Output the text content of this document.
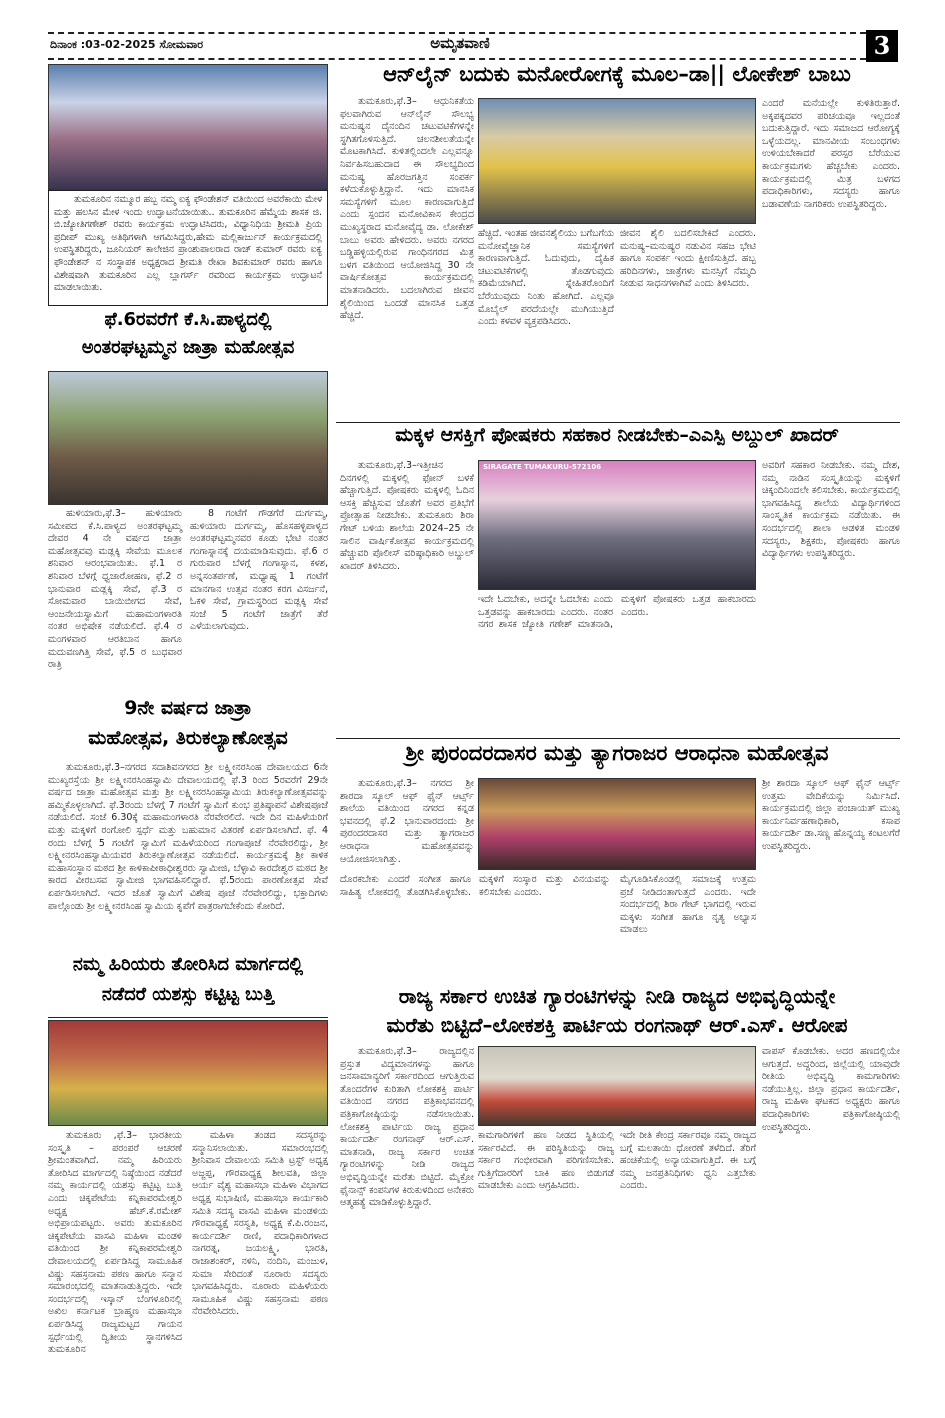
ದಿನಾಂಕ :03-02-2025 ಸೋಮವಾರ	ಅಮೃತವಾಣಿ	3
ತುಮಕೂರಿನ ನಮ್ಮೂರ ಹಬ್ಬ ನಮ್ಮ ಐಕ್ಯ ಫೌಂಡೇಶನ್ ವತಿಯಿಂದ ಅವರೆಕಾಯಿ ಮೇಳ ಮತ್ತು ಹಲಸಿನ ಮೇಳ ಇಂದು ಉದ್ಘಾಟನೆಯಾಯಿತು.. ತುಮಕೂರಿನ ಹೆಮ್ಮೆಯ ಶಾಸಕ ಜಿ. ಬಿ.ಜ್ಯೋತಿಗಣೇಶ್ ರವರು ಕಾರ್ಯಕ್ರಮ ಉದ್ಘಾಟಿಸಿದರು, ವಿಧ್ಯಾನಿಧಿಯ ಶ್ರೀಮತಿ ಪ್ರಿಯ ಪ್ರದೀಪ್ ಮುಖ್ಯ ಅತಿಥಿಗಳಾಗಿ ಆಗಮಿಸಿದ್ದರು,ಹೇಮ ಮಲ್ಲಿಕಾರ್ಜುನ್ ಕಾರ್ಯಕ್ರಮದಲ್ಲಿ ಉಪಸ್ಥಿತರಿದ್ದರು, ಜೂನಿಯರ್ ಕಾಲೇಜಿನ ಪ್ರಾಂಶುಪಾಲರಾದ ರಾಜ್ ಕುಮಾರ್ ರವರು ಐಕ್ಯ ಫೌಂಡೇಶನ್ ನ ಸಂಸ್ಥಾಪಕ ಅಧ್ಯಕ್ಷರಾದ ಶ್ರೀಮತಿ ರೇಖಾ ಶಿವಕುಮಾರ್ ರವರು ಹಾಗೂ ವಿಶೇಷವಾಗಿ ತುಮಕೂರಿನ ಎಲ್ಲ ಬ್ಲಾಗರ್ಸ್ ರವರಿಂದ ಕಾರ್ಯಕ್ರಮ ಉದ್ಘಾಟನೆ ಮಾಡಲಾಯಿತು.
ಫೆ.6ರವರೆಗೆ ಕೆ.ಸಿ.ಪಾಳ್ಯದಲ್ಲಿ
ಅಂತರಘಟ್ಟಮ್ಮನ ಜಾತ್ರಾ ಮಹೋತ್ಸವ
ಹುಳಿಯಾರು,ಫೆ.3– ಹುಳಿಯಾರು ಸಮೀಪದ ಕೆ.ಸಿ.ಪಾಳ್ಯದ ಅಂತರಘಟ್ಟಮ್ಮ ದೇವರ 4 ನೇ ವರ್ಷದ ಜಾತ್ರಾ ಮಹೋತ್ಸವವು ಮಡ್ಲಕ್ಕಿ ಸೇವೆಯ ಮೂಲಕ ಶನಿವಾರ ಆರಂಭವಾಯಿತು. ಫೆ.1 ರ ಶನಿವಾರ ಬೆಳಗ್ಗೆ ಧ್ವಜಾರೋಹಣ, ಫೆ.2 ರ ಭಾನುವಾರ ಮಡ್ಲಕ್ಕಿ ಸೇವೆ, ಫೆ.3 ರ ಸೋಮವಾರ ಬಾಯಿಬೀಗದ ಸೇವೆ, ಆಂಜನೇಯಸ್ವಾಮಿಗೆ ಮಹಾಮಂಗಳಾರತಿ ನಂತರ ಅಭಿಷೇಕ ನಡೆಯಲಿದೆ. ಫೆ.4 ರ ಮಂಗಳವಾರ ಆರತಿಬಾನ ಹಾಗೂ ಮದುವಣಗಿತ್ತಿ ಸೇವೆ, ಫೆ.5 ರ ಬುಧವಾರ ರಾತ್ರಿ
8 ಗಂಟೆಗೆ ಗೌಡಗೆರೆ ದುರ್ಗಮ್ಮ, ಹುಳಿಯಾರು ದುರ್ಗಮ್ಮ, ಹೊಸಹಳ್ಳಿಪಾಳ್ಯದ ಅಂತರಘಟ್ಟಮ್ಮನವರ ಕೂಡು ಭೇಟಿ ನಂತರ ಗಂಗಾಸ್ನಾನಕ್ಕೆ ದಯಮಾಡಿಸುವುದು. ಫೆ.6 ರ ಗುರುವಾರ ಬೆಳಗ್ಗೆ ಗಂಗಾಸ್ನಾನ, ಕಳಶ, ಅನ್ನಸಂತರ್ಪಣೆ, ಮಧ್ಯಾಹ್ನ 1 ಗಂಟೆಗೆ ಮಾನಗಾನ ಉತ್ಸವ ನಂತರ ಕರಗ ವಿಸರ್ಜನೆ, ಓಕಳಿ ಸೇವೆ, ಗ್ರಾಮಸ್ಥರಿಂದ ಮಡ್ಲಕ್ಕಿ ಸೇವೆ ಸಂಜೆ 5 ಗಂಟೆಗೆ ಜಾತ್ರೆಗೆ ತೆರೆ ಎಳೆಯಲಾಗುವುದು.
9ನೇ ವರ್ಷದ ಜಾತ್ರಾ
ಮಹೋತ್ಸವ, ತಿರುಕಲ್ಯಾಣೋತ್ಸವ
ತುಮಕೂರು,ಫೆ.3–ನಗರದ ಸದಾಶಿವನಗರದ ಶ್ರೀ ಲಕ್ಷ್ಮೀನರಸಿಂಹ ದೇವಾಲಯದ 6ನೇ ಮುಖ್ಯರಸ್ತೆಯ ಶ್ರೀ ಲಕ್ಷ್ಮೀನರಸಿಂಹಸ್ವಾಮಿ ದೇವಾಲಯದಲ್ಲಿ ಫೆ.3 ರಿಂದ 5ರವರೆಗೆ 29ನೇ ವರ್ಷದ ಜಾತ್ರಾ ಮಹೋತ್ಸವ ಮತ್ತು ಶ್ರೀ ಲಕ್ಷ್ಮೀನರಸಿಂಹಸ್ವಾಮಿಯ ತಿರುಕಲ್ಯಾಣೋತ್ಸವವನ್ನು ಹಮ್ಮಿಕೊಳ್ಳಲಾಗಿದೆ. ಫೆ.3ರಂದು ಬೆಳಗ್ಗೆ 7 ಗಂಟೆಗೆ ಸ್ವಾಮಿಗೆ ಕುಂಭ ಪ್ರತಿಷ್ಠಾಪನೆ ವಿಶೇಷಪೂಜೆ ನಡೆಯಲಿದೆ. ಸಂಜೆ 6.30ಕ್ಕೆ ಮಹಾಮಂಗಳಾರತಿ ನೆರವೇರಲಿದೆ. ಇದೇ ದಿನ ಮಹಿಳೆಯರಿಗೆ ಮತ್ತು ಮಕ್ಕಳಿಗೆ ರಂಗೋಲಿ ಸ್ಪರ್ಧೆ ಮತ್ತು ಬಹುಮಾನ ವಿತರಣೆ ಏರ್ಪಡಿಸಲಾಗಿದೆ. ಫೆ. 4 ರಂದು ಬೆಳಗ್ಗೆ 5 ಗಂಟೆಗೆ ಸ್ವಾಮಿಗೆ ಮಹಿಳೆಯರಿಂದ ಗಂಗಾಪೂಜೆ ನೆರವೇರಲಿದ್ದು, ಶ್ರೀ ಲಕ್ಷ್ಮೀನರಸಿಂಹಸ್ವಾಮಿಯವರ ತಿರುಕಲ್ಯಾಣೋತ್ಸವ ನಡೆಯಲಿದೆ. ಕಾರ್ಯಕ್ರಮಕ್ಕೆ ಶ್ರೀ ಕಾಳಿಕ ಮಹಾಸಂಸ್ಥಾನ ಮಠದ ಶ್ರೀ ಕಾಳಿಕಾಪೀಠಾಧೀಶ್ವರರು ಸ್ವಾಮೀಜಿ, ಬೆಳ್ಳಾವಿ ಕಾರದೇಶ್ವರ ಮಠದ ಶ್ರೀ ಕಾರದ ವೀರಬಸವ ಸ್ವಾಮೀಜಿ ಭಾಗವಹಿಸಲಿದ್ದಾರೆ. ಫೆ.5ರಂದು ಪಾರಣೋತ್ಸವ ಸೇವೆ ಏರ್ಪಡಿಸಲಾಗಿದೆ. ಇದರ ಜೊತೆ ಸ್ವಾಮಿಗೆ ವಿಶೇಷ ಪೂಜೆ ನೆರವೇರಲಿದ್ದು, ಭಕ್ತಾದಿಗಳು ಪಾಲ್ಗೊಂಡು ಶ್ರೀ ಲಕ್ಷ್ಮೀನರಸಿಂಹ ಸ್ವಾಮಿಯ ಕೃಪೆಗೆ ಪಾತ್ರರಾಗಬೇಕೆಂದು ಕೋರಿದೆ.
ನಮ್ಮ ಹಿರಿಯರು ತೋರಿಸಿದ ಮಾರ್ಗದಲ್ಲಿ
ನಡೆದರೆ ಯಶಸ್ಸು ಕಟ್ಟಿಟ್ಟ ಬುತ್ತಿ
ತುಮಕೂರು ,ಫೆ.3– ಭಾರತೀಯ ಸಂಸ್ಕೃತಿ – ಪರಂಪರೆ ಆಚರಣೆ ಶ್ರೀಮಂತವಾಗಿದೆ. ನಮ್ಮ ಹಿರಿಯರು ತೋರಿಸಿದ ಮಾರ್ಗದಲ್ಲಿ ನಿಷ್ಠೆಯಿಂದ ನಡೆದರೆ ನಮ್ಮ ಕಾರ್ಯದಲ್ಲಿ ಯಶಸ್ಸು ಕಟ್ಟಿಟ್ಟ ಬುತ್ತಿ ಎಂದು ಚಿಕ್ಕಪೇಟೆಯ ಕನ್ನಿಕಾಪರಮೇಶ್ವರಿ ಅಧ್ಯಕ್ಷ ಹೆಚ್.ಕೆ.ರಮೇಶ್ ಅಭಿಪ್ರಾಯಪಟ್ಟರು. ಅವರು ತುಮಕೂರಿನ ಚಿಕ್ಕಪೇಟೆಯ ವಾಸವಿ ಮಹಿಳಾ ಮಂಡಳಿ ವತಿಯಿಂದ ಶ್ರೀ ಕನ್ನಿಕಾಪರಮೇಶ್ವರಿ ದೇವಾಲಯದಲ್ಲಿ ಏರ್ಪಡಿಸಿದ್ದ ಸಾಮೂಹಿಕ ವಿಷ್ಣು ಸಹಸ್ರನಾಮ ಪಠಣ ಹಾಗೂ ಸನ್ಮಾನ ಸಮಾರಂಭದಲ್ಲಿ ಮಾತನಾಡುತ್ತಿದ್ದರು. ಇದೇ ಸಂದರ್ಭದಲ್ಲಿ ಇಸ್ಕಾನ್ ಬೆಂಗಳೂರಿನಲ್ಲಿ ಅಖಿಲ ಕರ್ನಾಟಕ ಬ್ರಾಹ್ಮಣ ಮಹಾಸಭಾ ಏರ್ಪಡಿಸಿದ್ದ ರಾಜ್ಯಮಟ್ಟದ ಗಾಯನ ಸ್ಪರ್ಧೆಯಲ್ಲಿ ದ್ವಿತೀಯ ಸ್ಥಾನಗಳಿಸಿದ ತುಮಕೂರಿನ
ಮಹಿಳಾ ತಂಡದ ಸದಸ್ಯರನ್ನು ಸನ್ಮಾನಿಸಲಾಯಿತು. ಸಮಾರಂಭದಲ್ಲಿ ಶ್ರೀನಿವಾಸ ದೇವಾಲಯ ಸಮಿತಿ ಟ್ರಸ್ಟ್ ಅಧ್ಯಕ್ಷ ಅಜ್ಜಪ್ಪ, ಗೌರವಾಧ್ಯಕ್ಷ ಶೀಲವತಿ, ಜಿಲ್ಲಾ ಆರ್ಯ ವೈಶ್ಯ ಮಹಾಸಭಾ ಮಹಿಳಾ ವಿಭಾಗದ ಅಧ್ಯಕ್ಷ ಸುಭಾಷಿಣಿ, ಮಹಾಸಭಾ ಕಾರ್ಯಕಾರಿ ಸಮಿತಿ ಸದಸ್ಯ ವಾಸವಿ ಮಹಿಳಾ ಮಂಡಳಿಯ ಗೌರವಾಧ್ಯಕ್ಷೆ ಸರಸ್ವತಿ, ಅಧ್ಯಕ್ಷ ಕೆ.ಪಿ.ರಂಜನ, ಕಾರ್ಯದರ್ಶಿ ರಾಣಿ, ಪದಾಧಿಕಾರಿಗಳಾದ ನಾಗರತ್ನ, ಜಯಲಕ್ಷ್ಮಿ, ಭಾರತಿ, ರಾಜಾಶಂಕರ್, ನಳಿನಿ, ನಂದಿನಿ, ಮಂಜುಳ, ಸುಮಾ ಸೇರಿದಂತೆ ನೂರಾರು ಸದಸ್ಯರು ಭಾಗವಹಿಸಿದ್ದರು. ನೂರಾರು ಮಹಿಳೆಯರು ಸಾಮೂಹಿಕ ವಿಷ್ಣು ಸಹಸ್ರನಾಮ ಪಠಣ ನೆರವೇರಿಸಿದರು.
ಆನ್‌ಲೈನ್ ಬದುಕು ಮನೋರೋಗಕ್ಕೆ ಮೂಲ–ಡಾ|| ಲೋಕೇಶ್ ಬಾಬು
ತುಮಕೂರು,ಫೆ.3– ಆಧುನಿಕತೆಯ ಫಲವಾಗಿರುವ ಆನ್‌ಲೈನ್ ಸೌಲಭ್ಯ ಮನುಷ್ಯನ ದೈನಂದಿನ ಚಟುವಟಿಕೆಗಳನ್ನೇ ಸ್ಥಗಿತಗೊಳಿಸುತ್ತಿದೆ. ಚಲನಶೀಲತೆಯನ್ನೇ ಮೊಟಕಾಗಿಸಿದೆ. ಕುಳಿತಲ್ಲಿಂದಲೇ ಎಲ್ಲವನ್ನೂ ನಿರ್ವಹಿಸಬಹುದಾದ ಈ ಸೌಲಭ್ಯದಿಂದ ಮನುಷ್ಯ ಹೊರಜಗತ್ತಿನ ಸಂಪರ್ಕ ಕಳೆದುಕೊಳ್ಳುತ್ತಿದ್ದಾನೆ. ಇದು ಮಾನಸಿಕ ಸಮಸ್ಯೆಗಳಿಗೆ ಮೂಲ ಕಾರಣವಾಗುತ್ತಿದೆ ಎಂದು ಸ್ಪಂದನ ಮನೋವಿಕಾಸ ಕೇಂದ್ರದ ಮುಖ್ಯಸ್ಥರಾದ ಮನೋವೈದ್ಯ ಡಾ. ಲೋಕೇಶ್ ಬಾಬು ಅವರು ಹೇಳಿದರು. ಅವರು ನಗರದ ಬಡ್ಡಿಹಳ್ಳಿಯಲ್ಲಿರುವ ಗಾಂಧಿನಗರದ ಮಿತ್ರ ಬಳಗ ವತಿಯಿಂದ ಆಯೋಜಿಸಿದ್ದ 30 ನೇ ವಾರ್ಷಿಕೋತ್ಸವ ಕಾರ್ಯಕ್ರಮದಲ್ಲಿ ಮಾತನಾಡಿದರು. ಬದಲಾಗಿರುವ ಜೀವನ ಶೈಲಿಯಿಂದ ಒಂದಡೆ ಮಾನಸಿಕ ಒತ್ತಡ ಹೆಚ್ಚಿದೆ.
ಹೆಚ್ಚಿದೆ. ಇಂತಹ ಜೀವನಶೈಲಿಯು ಬಗೆಬಗೆಯ ಮನೋವೈಜ್ಞಾನಿಕ ಸಮಸ್ಯೆಗಳಿಗೆ ಕಾರಣವಾಗುತ್ತಿದೆ. ಓದುವುದು, ದೈಹಿಕ ಚಟುವಟಿಕೆಗಳಲ್ಲಿ ತೊಡಗುವುದು ಕಡಿಮೆಯಾಗಿದೆ. ಸ್ನೇಹಿತರೊಂದಿಗೆ ಬೆರೆಯುವುದು ನಿಂತು ಹೋಗಿದೆ. ಎಲ್ಲವೂ ಮೊಬೈಲ್ ಪರದೆಯಲ್ಲೇ ಮುಗಿಯುತ್ತಿದೆ ಎಂದು ಕಳವಳ ವ್ಯಕ್ತಪಡಿಸಿದರು.
ಜೀವನ ಶೈಲಿ ಬದಲಿಸಬೇಕಿದೆ ಎಂದರು. ಮನುಷ್ಯ–ಮನುಷ್ಯರ ನಡುವಿನ ಸಹಜ ಭೇಟಿ ಹಾಗೂ ಸಂಪರ್ಕ ಇಂದು ಕ್ಷೀಣಿಸುತ್ತಿದೆ. ಹಬ್ಬ ಹರಿದಿನಗಳು, ಜಾತ್ರೆಗಳು ಮನಸ್ಸಿಗೆ ನೆಮ್ಮದಿ ನೀಡುವ ಸಾಧನಗಳಾಗಿವೆ ಎಂದು ತಿಳಿಸಿದರು.
ಎಂದರೆ ಮನೆಯಲ್ಲೇ ಕುಳಿತಿರುತ್ತಾರೆ. ಅಕ್ಕಪಕ್ಕದವರ ಪರಿಚಯವೂ ಇಲ್ಲದಂತೆ ಬದುಕುತ್ತಿದ್ದಾರೆ. ಇದು ಸಮಾಜದ ಆರೋಗ್ಯಕ್ಕೆ ಒಳ್ಳೆಯದಲ್ಲ. ಮಾನವೀಯ ಸಂಬಂಧಗಳು ಉಳಿಯಬೇಕಾದರೆ ಪರಸ್ಪರ ಬೆರೆಯುವ ಕಾರ್ಯಕ್ರಮಗಳು ಹೆಚ್ಚಬೇಕು ಎಂದರು. ಕಾರ್ಯಕ್ರಮದಲ್ಲಿ ಮಿತ್ರ ಬಳಗದ ಪದಾಧಿಕಾರಿಗಳು, ಸದಸ್ಯರು ಹಾಗೂ ಬಡಾವಣೆಯ ನಾಗರಿಕರು ಉಪಸ್ಥಿತರಿದ್ದರು.
ಮಕ್ಕಳ ಆಸಕ್ತಿಗೆ ಪೋಷಕರು ಸಹಕಾರ ನೀಡಬೇಕು–ಎಎಸ್ಪಿ ಅಬ್ದುಲ್ ಖಾದರ್
ತುಮಕೂರು,ಫೆ.3–ಇತ್ತೀಚಿನ ದಿನಗಳಲ್ಲಿ ಮಕ್ಕಳಲ್ಲಿ ಫೋನ್ ಬಳಕೆ ಹೆಚ್ಚಾಗುತ್ತಿದೆ. ಪೋಷಕರು ಮಕ್ಕಳಲ್ಲಿ ಓದಿನ ಆಸಕ್ತಿ ಹೆಚ್ಚಿಸುವ ಜೊತೆಗೆ ಅವರ ಪ್ರತಿಭೆಗೆ ಪ್ರೋತ್ಸಾಹ ನೀಡಬೇಕು. ತುಮಕೂರು ಶಿರಾ ಗೇಟ್ ಬಳಿಯ ಶಾಲೆಯ 2024–25 ನೇ ಸಾಲಿನ ವಾರ್ಷಿಕೋತ್ಸವ ಕಾರ್ಯಕ್ರಮದಲ್ಲಿ ಹೆಚ್ಚುವರಿ ಪೊಲೀಸ್ ವರಿಷ್ಠಾಧಿಕಾರಿ ಅಬ್ದುಲ್ ಖಾದರ್ ತಿಳಿಸಿದರು.
SIRAGATE TUMAKURU-572106
ಇದೇ ಓದಬೇಕು, ಅದನ್ನೇ ಓದಬೇಕು ಎಂದು ಒತ್ತಡವನ್ನು ಹಾಕಬಾರದು ಎಂದರು. ನಂತರ ನಗರ ಶಾಸಕ ಜ್ಯೋತಿ ಗಣೇಶ್ ಮಾತನಾಡಿ, ಮಕ್ಕಳಿಗೆ ಪೋಷಕರು ಒತ್ತಡ ಹಾಕಬಾರದು ಎಂದರು.
ಅವರಿಗೆ ಸಹಕಾರ ನೀಡಬೇಕು. ನಮ್ಮ ದೇಶ, ನಮ್ಮ ನಾಡಿನ ಸಂಸ್ಕೃತಿಯನ್ನು ಮಕ್ಕಳಿಗೆ ಚಿಕ್ಕಂದಿನಿಂದಲೇ ಕಲಿಸಬೇಕು. ಕಾರ್ಯಕ್ರಮದಲ್ಲಿ ಭಾಗವಹಿಸಿದ್ದ ಶಾಲೆಯ ವಿದ್ಯಾರ್ಥಿಗಳಿಂದ ಸಾಂಸ್ಕೃತಿಕ ಕಾರ್ಯಕ್ರಮ ನಡೆಯಿತು. ಈ ಸಂದರ್ಭದಲ್ಲಿ ಶಾಲಾ ಆಡಳಿತ ಮಂಡಳಿ ಸದಸ್ಯರು, ಶಿಕ್ಷಕರು, ಪೋಷಕರು ಹಾಗೂ ವಿದ್ಯಾರ್ಥಿಗಳು ಉಪಸ್ಥಿತರಿದ್ದರು.
ಶ್ರೀ ಪುರಂದರದಾಸರ ಮತ್ತು ತ್ಯಾಗರಾಜರ ಆರಾಧನಾ ಮಹೋತ್ಸವ
ತುಮಕೂರು,ಫೆ.3– ನಗರದ ಶ್ರೀ ಶಾರದಾ ಸ್ಕೂಲ್ ಆಫ್ ಫೈನ್ ಆರ್ಟ್ಸ್ ಶಾಲೆಯ ವತಿಯಿಂದ ನಗರದ ಕನ್ನಡ ಭವನದಲ್ಲಿ ಫೆ.2 ಭಾನುವಾರದಂದು ಶ್ರೀ ಪುರಂದರದಾಸರ ಮತ್ತು ತ್ಯಾಗರಾಜರ ಆರಾಧನಾ ಮಹೋತ್ಸವವನ್ನು ಆಯೋಜಿಸಲಾಗಿತ್ತು.
ದೊರಕಬೇಕು ಎಂದರೆ ಸಂಗೀತ ಹಾಗೂ ಸಾಹಿತ್ಯ ಲೋಕದಲ್ಲಿ ತೊಡಗಿಸಿಕೊಳ್ಳಬೇಕು. ಮಕ್ಕಳಿಗೆ ಸಂಸ್ಕಾರ ಮತ್ತು ವಿನಯವನ್ನು ಕಲಿಸಬೇಕು ಎಂದರು.
ಮೈಗೂಡಿಸಿಕೊಂಡಲ್ಲಿ ಸಮಾಜಕ್ಕೆ ಉತ್ತಮ ಪ್ರಜೆ ನೀಡಿದಂತಾಗುತ್ತದೆ ಎಂದರು. ಇದೇ ಸಂದರ್ಭದಲ್ಲಿ ಶಿರಾ ಗೇಟ್ ಭಾಗದಲ್ಲಿ ಇರುವ ಮಕ್ಕಳು ಸಂಗೀತ ಹಾಗೂ ನೃತ್ಯ ಅಭ್ಯಾಸ ಮಾಡಲು
ಶ್ರೀ ಶಾರದಾ ಸ್ಕೂಲ್ ಆಫ್ ಫೈನ್ ಆರ್ಟ್ಸ್ ಉತ್ತಮ ವೇದಿಕೆಯನ್ನು ನಿರ್ಮಿಸಿದೆ. ಕಾರ್ಯಕ್ರಮದಲ್ಲಿ ಜಿಲ್ಲಾ ಪಂಚಾಯತ್ ಮುಖ್ಯ ಕಾರ್ಯನಿರ್ವಹಣಾಧಿಕಾರಿ, ಕಸಾಪ ಕಾರ್ಯದರ್ಶಿ ಡಾ.ಸಣ್ಣ ಹೊನ್ನಯ್ಯ ಕಂಟಲಗೆರೆ ಉಪಸ್ಥಿತರಿದ್ದರು.
ರಾಜ್ಯ ಸರ್ಕಾರ ಉಚಿತ ಗ್ಯಾರಂಟಿಗಳನ್ನು ನೀಡಿ ರಾಜ್ಯದ ಅಭಿವೃದ್ಧಿಯನ್ನೇ
ಮರೆತು ಬಿಟ್ಟಿದೆ–ಲೋಕಶಕ್ತಿ ಪಾರ್ಟಿಯ ರಂಗನಾಥ್ ಆರ್.ಎಸ್. ಆರೋಪ
ತುಮಕೂರು,ಫೆ.3– ರಾಜ್ಯದಲ್ಲಿನ ಪ್ರಸ್ತುತ ವಿದ್ಯಮಾನಗಳನ್ನು ಹಾಗೂ ಜನಸಾಮಾನ್ಯರಿಗೆ ಸರ್ಕಾರದಿಂದ ಆಗುತ್ತಿರುವ ತೊಂದರೆಗಳ ಕುರಿತಾಗಿ ಲೋಕಶಕ್ತಿ ಪಾರ್ಟಿ ವತಿಯಿಂದ ನಗರದ ಪತ್ರಿಕಾಭವನದಲ್ಲಿ ಪತ್ರಿಕಾಗೋಷ್ಠಿಯನ್ನು ನಡೆಸಲಾಯಿತು. ಲೋಕಶಕ್ತಿ ಪಾರ್ಟಿಯ ರಾಜ್ಯ ಪ್ರಧಾನ ಕಾರ್ಯದರ್ಶಿ ರಂಗನಾಥ್ ಆರ್.ಎಸ್. ಮಾತನಾಡಿ, ರಾಜ್ಯ ಸರ್ಕಾರ ಉಚಿತ ಗ್ಯಾರಂಟಿಗಳನ್ನು ನೀಡಿ ರಾಜ್ಯದ ಅಭಿವೃದ್ಧಿಯನ್ನೇ ಮರೆತು ಬಿಟ್ಟಿದೆ. ಮೈಕ್ರೋ ಫೈನಾನ್ಸ್ ಕಂಪನಿಗಳ ಕಿರುಕುಳದಿಂದ ಅನೇಕರು ಆತ್ಮಹತ್ಯೆ ಮಾಡಿಕೊಳ್ಳುತ್ತಿದ್ದಾರೆ.
ಕಾಮಗಾರಿಗಳಿಗೆ ಹಣ ನೀಡದ ಸ್ಥಿತಿಯಲ್ಲಿ ಸರ್ಕಾರವಿದೆ. ಈ ಪರಿಸ್ಥಿತಿಯನ್ನು ರಾಜ್ಯ ಸರ್ಕಾರ ಗಂಭೀರವಾಗಿ ಪರಿಗಣಿಸಬೇಕು. ಗುತ್ತಿಗೆದಾರರಿಗೆ ಬಾಕಿ ಹಣ ಬಿಡುಗಡೆ ಮಾಡಬೇಕು ಎಂದು ಆಗ್ರಹಿಸಿದರು.
ಇದೇ ರೀತಿ ಕೇಂದ್ರ ಸರ್ಕಾರವೂ ನಮ್ಮ ರಾಜ್ಯದ ಬಗ್ಗೆ ಮಲತಾಯಿ ಧೋರಣೆ ತಳೆದಿದೆ. ತೆರಿಗೆ ಹಂಚಿಕೆಯಲ್ಲಿ ಅನ್ಯಾಯವಾಗುತ್ತಿದೆ. ಈ ಬಗ್ಗೆ ನಮ್ಮ ಜನಪ್ರತಿನಿಧಿಗಳು ಧ್ವನಿ ಎತ್ತಬೇಕು ಎಂದರು.
ವಾಪಸ್ ಕೊಡಬೇಕು. ಅದರ ಹಣದಲ್ಲಿಯೇ ಆಗುತ್ತದೆ. ಅದ್ದರಿಂದ, ಜಿಲ್ಲೆಯಲ್ಲಿ ಯಾವುದೇ ರೀತಿಯ ಅಭಿವೃದ್ಧಿ ಕಾಮಗಾರಿಗಳು ನಡೆಯುತ್ತಿಲ್ಲ. ಜಿಲ್ಲಾ ಪ್ರಧಾನ ಕಾರ್ಯದರ್ಶಿ, ರಾಜ್ಯ ಮಹಿಳಾ ಘಟಕದ ಅಧ್ಯಕ್ಷರು ಹಾಗೂ ಪದಾಧಿಕಾರಿಗಳು ಪತ್ರಿಕಾಗೋಷ್ಠಿಯಲ್ಲಿ ಉಪಸ್ಥಿತರಿದ್ದರು.
